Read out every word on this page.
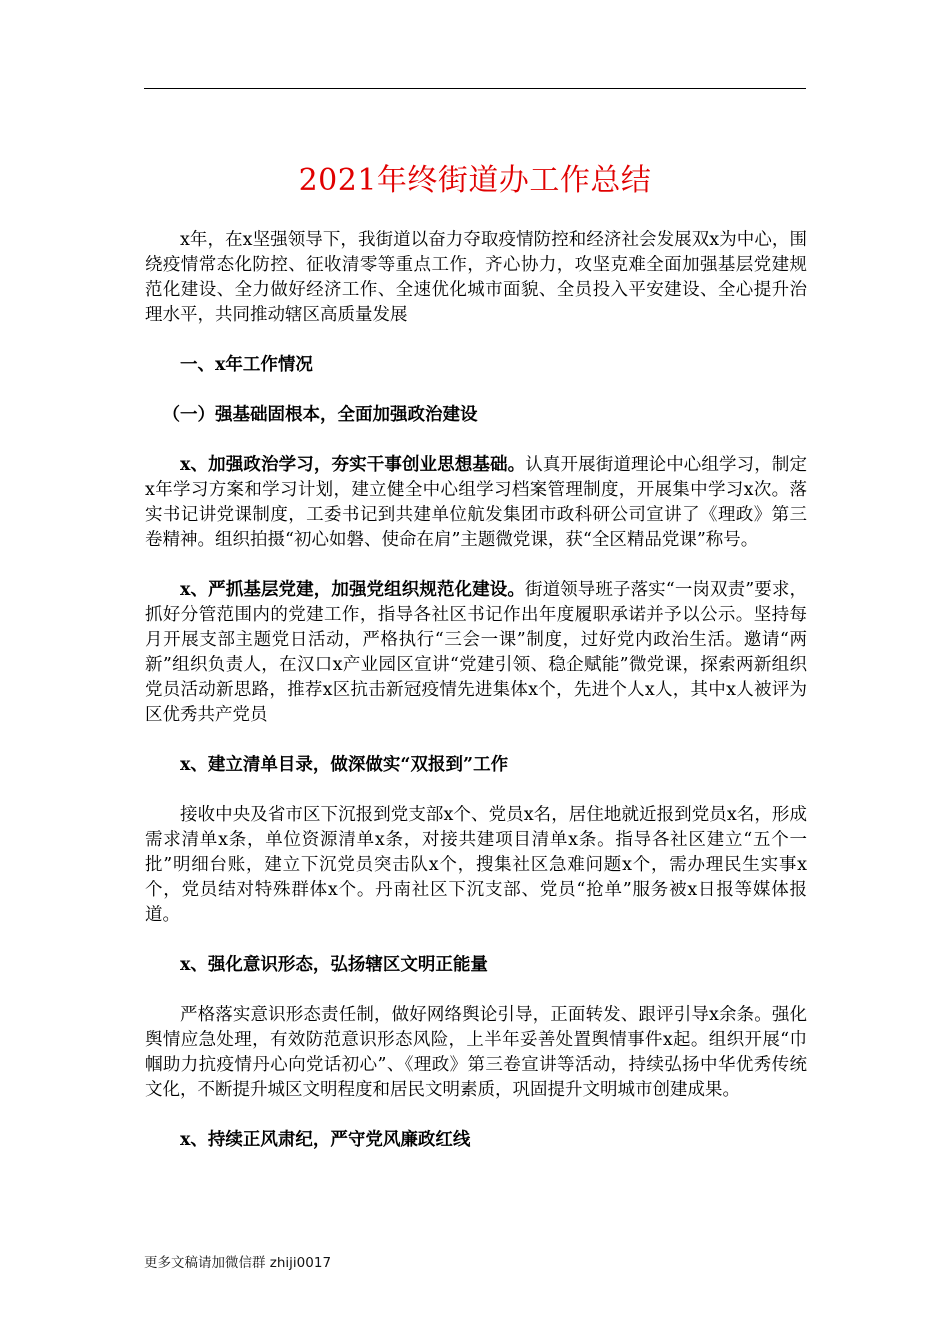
2021年终街道办工作总结

x年，在x坚强领导下，我街道以奋力夺取疫情防控和经济社会发展双x为中心，围绕疫情常态化防控、征收清零等重点工作，齐心协力，攻坚克难全面加强基层党建规范化建设、全力做好经济工作、全速优化城市面貌、全员投入平安建设、全心提升治理水平，共同推动辖区高质量发展

一、x年工作情况

（一）强基础固根本，全面加强政治建设

x、加强政治学习，夯实干事创业思想基础。认真开展街道理论中心组学习，制定x年学习方案和学习计划，建立健全中心组学习档案管理制度，开展集中学习x次。落实书记讲党课制度，工委书记到共建单位航发集团市政科研公司宣讲了《理政》第三卷精神。组织拍摄“初心如磐、使命在肩”主题微党课，获“全区精品党课”称号。

x、严抓基层党建，加强党组织规范化建设。街道领导班子落实“一岗双责”要求，抓好分管范围内的党建工作，指导各社区书记作出年度履职承诺并予以公示。坚持每月开展支部主题党日活动，严格执行“三会一课”制度，过好党内政治生活。邀请“两新”组织负责人，在汉口x产业园区宣讲“党建引领、稳企赋能”微党课，探索两新组织党员活动新思路，推荐x区抗击新冠疫情先进集体x个，先进个人x人，其中x人被评为区优秀共产党员

x、建立清单目录，做深做实“双报到”工作

接收中央及省市区下沉报到党支部x个、党员x名，居住地就近报到党员x名，形成需求清单x条，单位资源清单x条，对接共建项目清单x条。指导各社区建立“五个一批”明细台账，建立下沉党员突击队x个，搜集社区急难问题x个，需办理民生实事x个，党员结对特殊群体x个。丹南社区下沉支部、党员“抢单”服务被x日报等媒体报道。

x、强化意识形态，弘扬辖区文明正能量

严格落实意识形态责任制，做好网络舆论引导，正面转发、跟评引导x余条。强化舆情应急处理，有效防范意识形态风险，上半年妥善处置舆情事件x起。组织开展“巾帼助力抗疫情丹心向党话初心”、《理政》第三卷宣讲等活动，持续弘扬中华优秀传统文化，不断提升城区文明程度和居民文明素质，巩固提升文明城市创建成果。

x、持续正风肃纪，严守党风廉政红线

更多文稿请加微信群 zhiji0017
